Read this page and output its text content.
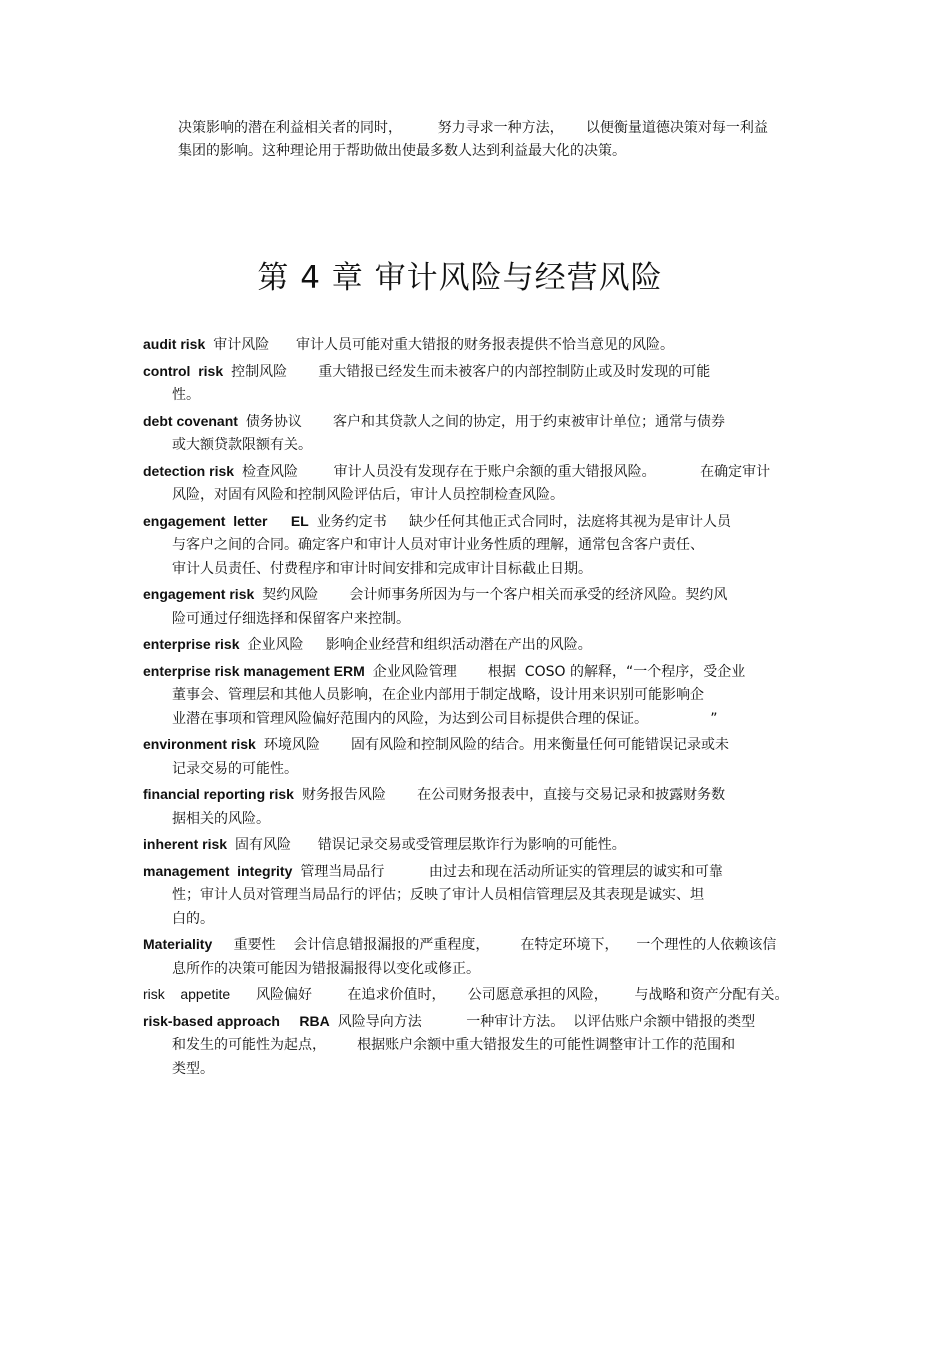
决策影响的潜在利益相关者的同时，        努力寻求一种方法，     以便衡量道德决策对每一利益

集团的影响。这种理论用于帮助做出使最多数人达到利益最大化的决策。

第 4 章 审计风险与经营风险
audit risk 审计风险      审计人员可能对重大错报的财务报表提供不恰当意见的风险。
control  risk 控制风险       重大错报已经发生而未被客户的内部控制防止或及时发现的可能
性。
debt covenant 债务协议       客户和其贷款人之间的协定，用于约束被审计单位；通常与债券
或大额贷款限额有关。
detection risk 检查风险        审计人员没有发现存在于账户余额的重大错报风险。          在确定审计
风险，对固有风险和控制风险评估后，审计人员控制检查风险。
engagement  letter      EL 业务约定书     缺少任何其他正式合同时，法庭将其视为是审计人员
与客户之间的合同。确定客户和审计人员对审计业务性质的理解，通常包含客户责任、
审计人员责任、付费程序和审计时间安排和完成审计目标截止日期。
engagement risk 契约风险       会计师事务所因为与一个客户相关而承受的经济风险。契约风
险可通过仔细选择和保留客户来控制。
enterprise risk 企业风险     影响企业经营和组织活动潜在产出的风险。
enterprise risk management ERM 企业风险管理       根据  COSO 的解释，“一个程序，受企业
董事会、管理层和其他人员影响，在企业内部用于制定战略，设计用来识别可能影响企
业潜在事项和管理风险偏好范围内的风险，为达到公司目标提供合理的保证。              ”
environment risk 环境风险       固有风险和控制风险的结合。用来衡量任何可能错误记录或未
记录交易的可能性。
financial reporting risk 财务报告风险       在公司财务报表中，直接与交易记录和披露财务数
据相关的风险。
inherent risk 固有风险      错误记录交易或受管理层欺诈行为影响的可能性。
management  integrity 管理当局品行          由过去和现在活动所证实的管理层的诚实和可靠
性；审计人员对管理当局品行的评估；反映了审计人员相信管理层及其表现是诚实、坦
白的。
Materiality   重要性    会计信息错报漏报的严重程度，       在特定环境下，    一个理性的人依赖该信
息所作的决策可能因为错报漏报得以变化或修正。
risk    appetite    风险偏好        在追求价值时，     公司愿意承担的风险，      与战略和资产分配有关。
risk-based approach     RBA 风险导向方法          一种审计方法。  以评估账户余额中错报的类型
和发生的可能性为起点，       根据账户余额中重大错报发生的可能性调整审计工作的范围和
类型。
